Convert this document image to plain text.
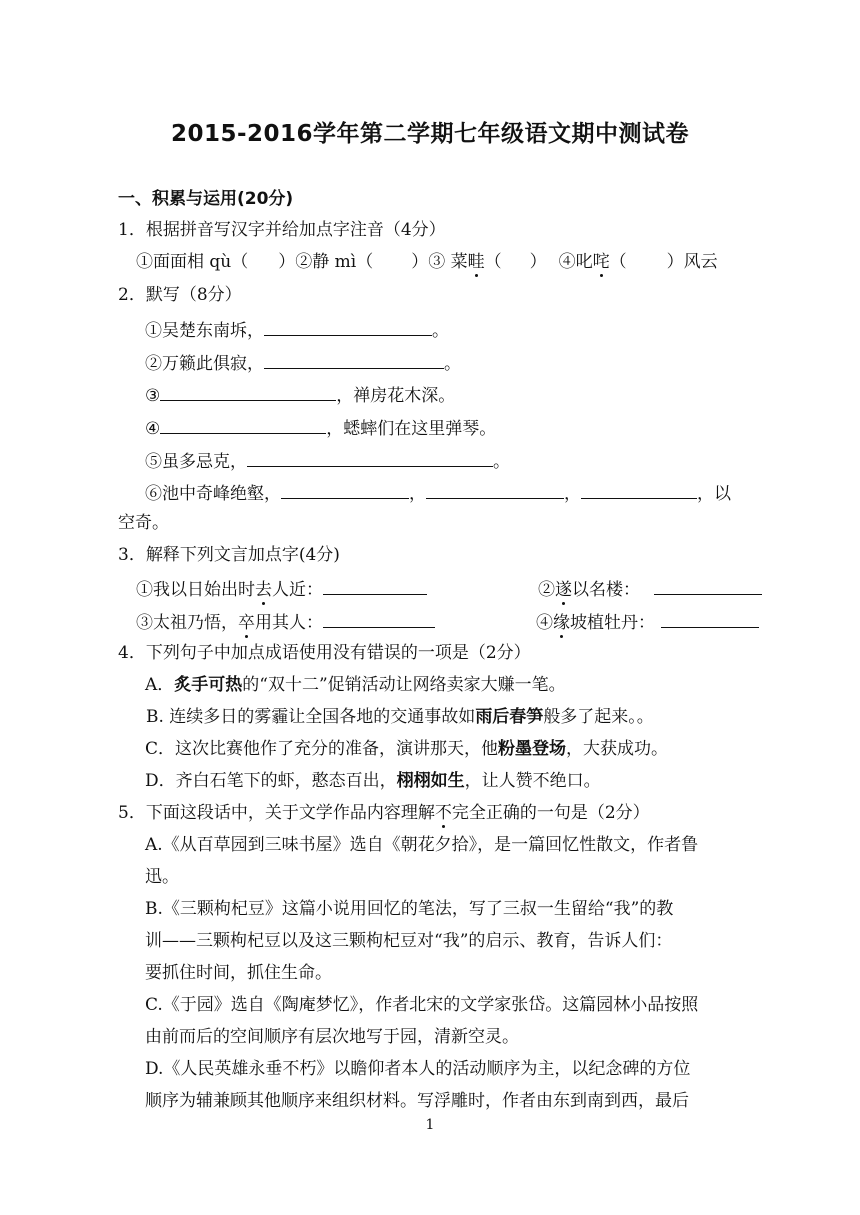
2015-2016学年第二学期七年级语文期中测试卷
一、积累与运用(20分)
1．根据拼音写汉字并给加点字注音（4分）
①面面相 qù（ ）②静 mì（ ）③ 菜畦（ ） ④叱咤（ ）风云
2．默写（8分）
①吴楚东南坼，	。
②万籁此俱寂，	。
③	，禅房花木深。
④	，蟋蟀们在这里弹琴。
⑤虽多忌克，	。
⑥池中奇峰绝壑，	，	，	，以
空奇。
3．解释下列文言加点字(4分)
①我以日始出时去人近：	②遂以名楼：
③太祖乃悟，卒用其人：	④缘坡植牡丹：
4．下列句子中加点成语使用没有错误的一项是（2分）
A．炙手可热的“双十二”促销活动让网络卖家大赚一笔。
B. 连续多日的雾霾让全国各地的交通事故如雨后春笋般多了起来。。
C．这次比赛他作了充分的准备，演讲那天，他粉墨登场，大获成功。
D．齐白石笔下的虾，憨态百出，栩栩如生，让人赞不绝口。
5．下面这段话中，关于文学作品内容理解不完全正确的一句是（2分）
A.《从百草园到三味书屋》选自《朝花夕拾》，是一篇回忆性散文，作者鲁
迅。
B.《三颗枸杞豆》这篇小说用回忆的笔法，写了三叔一生留给“我”的教
训——三颗枸杞豆以及这三颗枸杞豆对“我”的启示、教育，告诉人们：
要抓住时间，抓住生命。
C.《于园》选自《陶庵梦忆》，作者北宋的文学家张岱。这篇园林小品按照
由前而后的空间顺序有层次地写于园，清新空灵。
D.《人民英雄永垂不朽》以瞻仰者本人的活动顺序为主，以纪念碑的方位
顺序为辅兼顾其他顺序来组织材料。写浮雕时，作者由东到南到西，最后
1
